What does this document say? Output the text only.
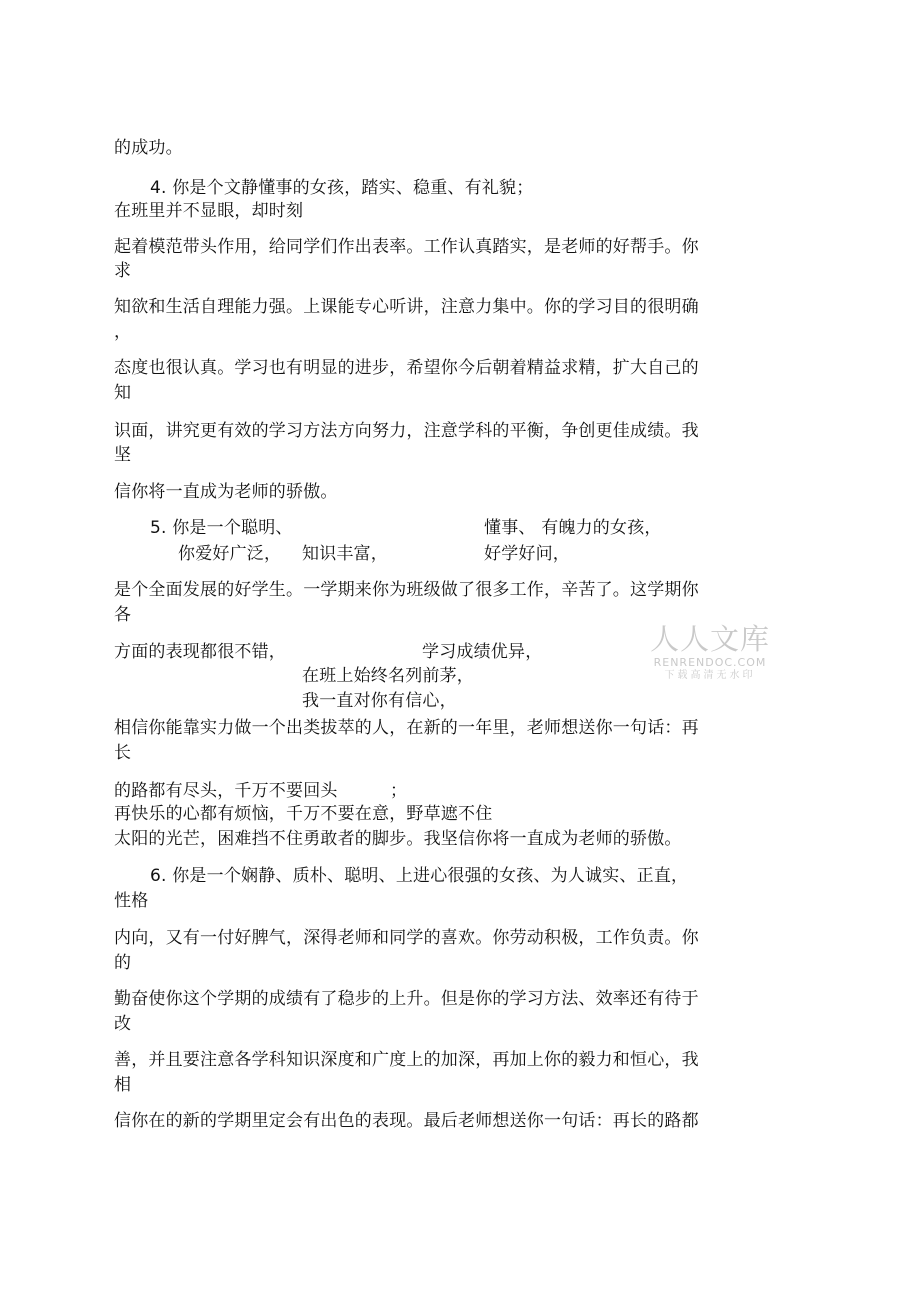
的成功。
4. 你是个文静懂事的女孩，踏实、稳重、有礼貌；
在班里并不显眼，却时刻
起着模范带头作用，给同学们作出表率。工作认真踏实，是老师的好帮手。你
求
知欲和生活自理能力强。上课能专心听讲，注意力集中。你的学习目的很明确
，
态度也很认真。学习也有明显的进步，希望你今后朝着精益求精，扩大自己的
知
识面，讲究更有效的学习方法方向努力，注意学科的平衡，争创更佳成绩。我
坚
信你将一直成为老师的骄傲。
5. 你是一个聪明、	懂事、 有魄力的女孩，
你爱好广泛， 知识丰富，	好学好问，
是个全面发展的好学生。一学期来你为班级做了很多工作，辛苦了。这学期你
各
方面的表现都很不错，	学习成绩优异，
在班上始终名列前茅，
我一直对你有信心，
相信你能靠实力做一个出类拔萃的人，在新的一年里，老师想送你一句话：再
长
的路都有尽头，千万不要回头	；
再快乐的心都有烦恼，千万不要在意，野草遮不住
太阳的光芒，困难挡不住勇敢者的脚步。我坚信你将一直成为老师的骄傲。
6. 你是一个娴静、质朴、聪明、上进心很强的女孩、为人诚实、正直，
性格
内向，又有一付好脾气，深得老师和同学的喜欢。你劳动积极，工作负责。你
的
勤奋使你这个学期的成绩有了稳步的上升。但是你的学习方法、效率还有待于
改
善，并且要注意各学科知识深度和广度上的加深，再加上你的毅力和恒心，我
相
信你在的新的学期里定会有出色的表现。最后老师想送你一句话：再长的路都
人人文库
RENRENDOC.COM
下载高清无水印
